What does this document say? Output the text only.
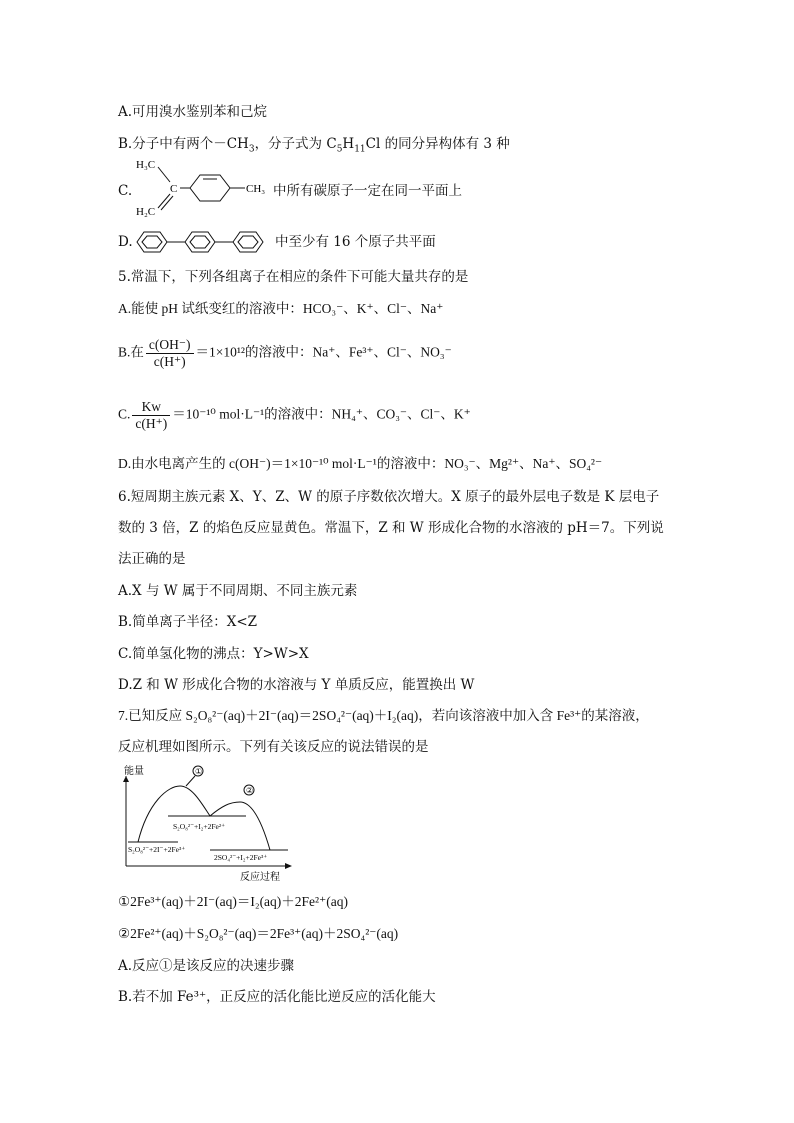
A.可用溴水鉴别苯和己烷
B.分子中有两个$-CH_3$，分子式为 $C_5H_{11}Cl$ 的同分异构体有 3 种
C.
H₃C
C
H₂C
CH₃ 中所有碳原子一定在同一平面上
D.	中至少有 16 个原子共平面
5.常温下，下列各组离子在相应的条件下可能大量共存的是
A.能使 pH 试纸变红的溶液中：HCO₃⁻、K⁺、Cl⁻、Na⁺
B.在 $\frac{c(OH^-)}{c(H^+)} =1\times 10^{12}$的溶液中：Na⁺、Fe³⁺、Cl⁻、NO₃⁻
C. $\frac{Kw}{c(H^+)} =10^{-10}$ mol·L⁻¹的溶液中：NH₄⁺、CO₃⁻、Cl⁻、K⁺
D.由水电离产生的 c(OH⁻)＝1×10⁻¹⁰ mol·L⁻¹的溶液中：NO₃⁻、Mg²⁺、Na⁺、SO₄²⁻
6.短周期主族元素 X、Y、Z、W 的原子序数依次增大。X 原子的最外层电子数是 K 层电子
数的 3 倍，Z 的焰色反应显黄色。常温下，Z 和 W 形成化合物的水溶液的 pH＝7。下列说
法正确的是
A.X 与 W 属于不同周期、不同主族元素
B.简单离子半径：X<Z
C.简单氢化物的沸点：Y>W>X
D.Z 和 W 形成化合物的水溶液与 Y 单质反应，能置换出 W
7.已知反应 S₂O₈²⁻(aq)＋2I⁻(aq)＝2SO₄²⁻(aq)＋I₂(aq)，若向该溶液中加入含 Fe³⁺的某溶液，
反应机理如图所示。下列有关该反应的说法错误的是
能量
反应过程
①
②
S₂O₈²⁻+I₂+2Fe²⁺
S₂O₈²⁻+2I⁻+2Fe³⁺
2SO₄²⁻+I₂+2Fe³⁺
①2Fe³⁺(aq)＋2I⁻(aq)＝I₂(aq)＋2Fe²⁺(aq)
②2Fe²⁺(aq)＋S₂O₈²⁻(aq)＝2Fe³⁺(aq)＋2SO₄²⁻(aq)
A.反应①是该反应的决速步骤
B.若不加 Fe³⁺，正反应的活化能比逆反应的活化能大
